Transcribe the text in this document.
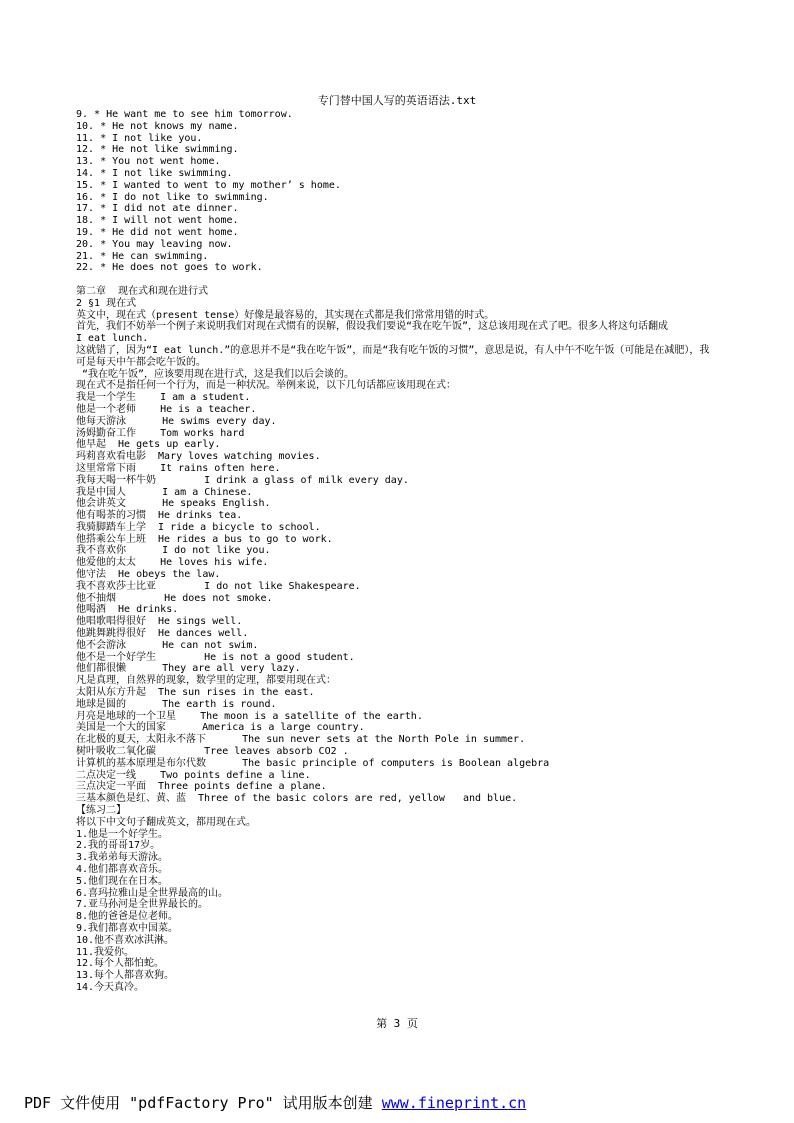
专门替中国人写的英语语法.txt
9. * He want me to see him tomorrow.
10. * He not knows my name.
11. * I not like you.
12. * He not like swimming.
13. * You not went home.
14. * I not like swimming.
15. * I wanted to went to my mother’ s home.
16. * I do not like to swimming.
17. * I did not ate dinner.
18. * I will not went home.
19. * He did not went home.
20. * You may leaving now.
21. * He can swimming.
22. * He does not goes to work.
第二章  现在式和现在进行式
2 §1 现在式
英文中，现在式（present tense）好像是最容易的，其实现在式都是我们常常用错的时式。
首先，我们不妨举一个例子来说明我们对现在式惯有的误解，假设我们要说“我在吃午饭”，这总该用现在式了吧。很多人将这句话翻成
I eat lunch.
这就错了，因为“I eat lunch.”的意思并不是“我在吃午饭”，而是“我有吃午饭的习惯”，意思是说，有人中午不吃午饭（可能是在减肥），我可是每天中午都会吃午饭的。
“我在吃午饭”，应该要用现在进行式，这是我们以后会谈的。
现在式不是指任何一个行为，而是一种状况。举例来说，以下几句话都应该用现在式：
我是一个学生    I am a student.
他是一个老师    He is a teacher.
他每天游泳      He swims every day.
汤姆勤奋工作    Tom works hard
他早起  He gets up early.
玛莉喜欢看电影  Mary loves watching movies.
这里常常下雨    It rains often here.
我每天喝一杯牛奶        I drink a glass of milk every day.
我是中国人      I am a Chinese.
他会讲英文      He speaks English.
他有喝茶的习惯  He drinks tea.
我骑脚踏车上学  I ride a bicycle to school.
他搭乘公车上班  He rides a bus to go to work.
我不喜欢你      I do not like you.
他爱他的太太    He loves his wife.
他守法  He obeys the law.
我不喜欢莎士比亚        I do not like Shakespeare.
他不抽烟        He does not smoke.
他喝酒  He drinks.
他唱歌唱得很好  He sings well.
他跳舞跳得很好  He dances well.
他不会游泳      He can not swim.
他不是一个好学生        He is not a good student.
他们都很懒      They are all very lazy.
凡是真理，自然界的现象，数学里的定理，都要用现在式：
太阳从东方升起  The sun rises in the east.
地球是圆的      The earth is round.
月亮是地球的一个卫星    The moon is a satellite of the earth.
美国是一个大的国家      America is a large country.
在北极的夏天，太阳永不落下      The sun never sets at the North Pole in summer.
树叶吸收二氧化碳        Tree leaves absorb CO2 .
计算机的基本原理是布尔代数      The basic principle of computers is Boolean algebra
二点决定一线    Two points define a line.
三点决定一平面  Three points define a plane.
三基本颜色是红、黄、蓝  Three of the basic colors are red, yellow   and blue.
【练习二】
将以下中文句子翻成英文，都用现在式。
1.他是一个好学生。
2.我的哥哥17岁。
3.我弟弟每天游泳。
4.他们都喜欢音乐。
5.他们现在在日本。
6.喜玛拉雅山是全世界最高的山。
7.亚马孙河是全世界最长的。
8.他的爸爸是位老师。
9.我们都喜欢中国菜。
10.他不喜欢冰淇淋。
11.我爱你。
12.每个人都怕蛇。
13.每个人都喜欢狗。
14.今天真冷。
第 3 页
PDF 文件使用 "pdfFactory Pro" 试用版本创建 www.fineprint.cn
